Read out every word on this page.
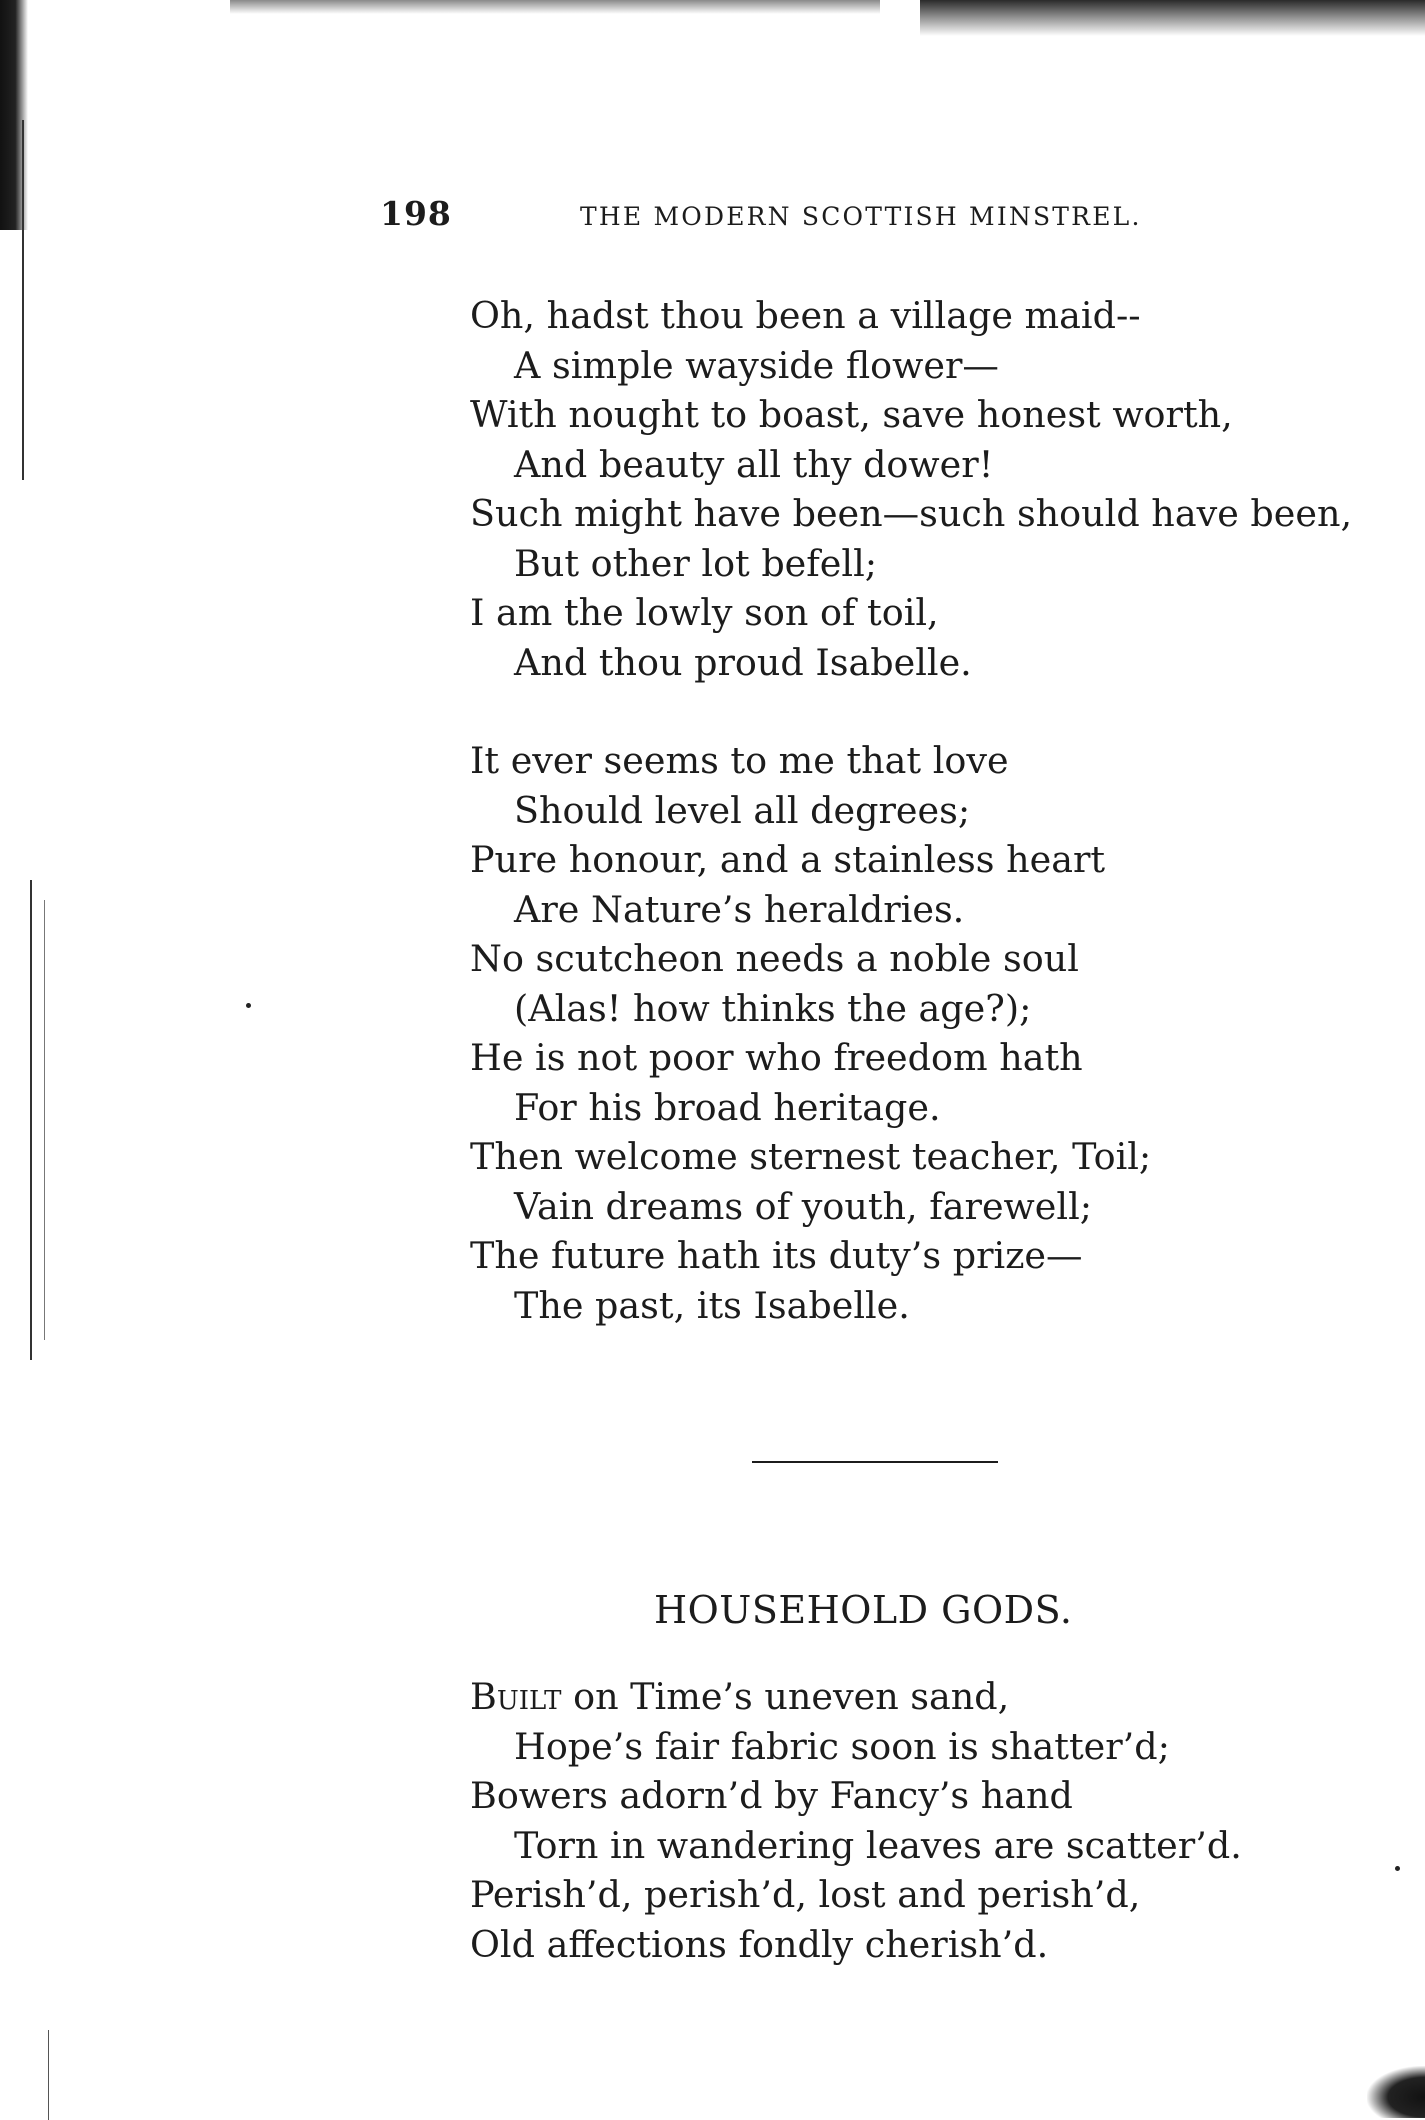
198	THE MODERN SCOTTISH MINSTREL.
Oh, hadst thou been a village maid--
A simple wayside flower—
With nought to boast, save honest worth,
And beauty all thy dower!
Such might have been—such should have been,
But other lot befell;
I am the lowly son of toil,
And thou proud Isabelle.
It ever seems to me that love
Should level all degrees;
Pure honour, and a stainless heart
Are Nature’s heraldries.
No scutcheon needs a noble soul
(Alas! how thinks the age?);
He is not poor who freedom hath
For his broad heritage.
Then welcome sternest teacher, Toil;
Vain dreams of youth, farewell;
The future hath its duty’s prize—
The past, its Isabelle.
HOUSEHOLD GODS.
Built on Time’s uneven sand,
Hope’s fair fabric soon is shatter’d;
Bowers adorn’d by Fancy’s hand
Torn in wandering leaves are scatter’d.
Perish’d, perish’d, lost and perish’d,
Old affections fondly cherish’d.
